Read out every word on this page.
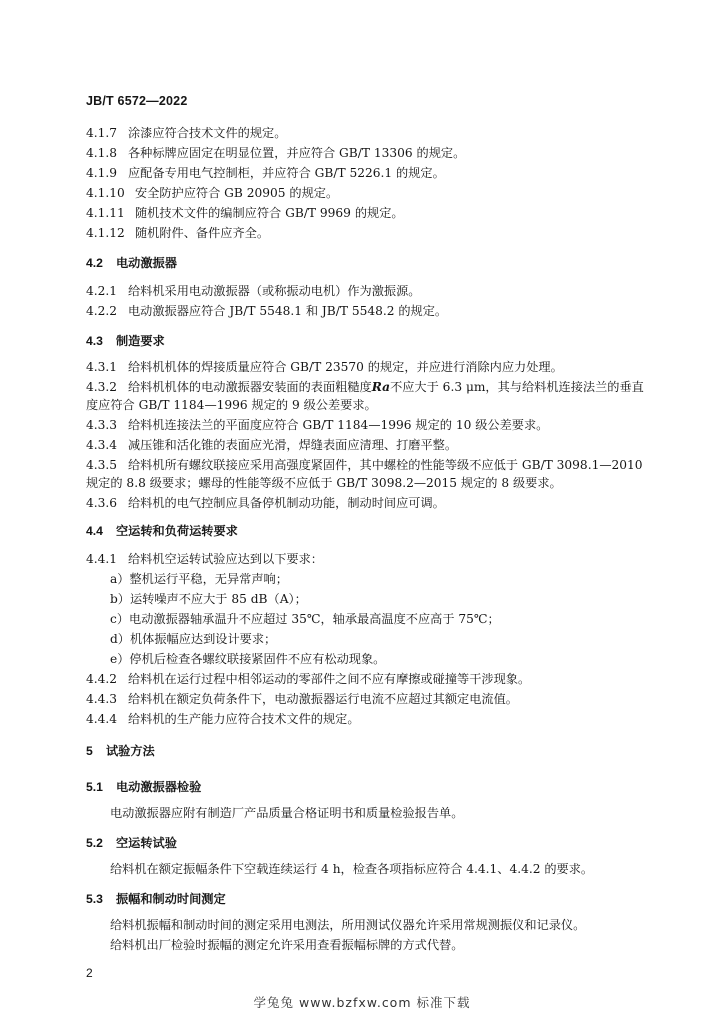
JB/T 6572—2022
4.1.7 涂漆应符合技术文件的规定。
4.1.8 各种标牌应固定在明显位置，并应符合 GB/T 13306 的规定。
4.1.9 应配备专用电气控制柜，并应符合 GB/T 5226.1 的规定。
4.1.10 安全防护应符合 GB 20905 的规定。
4.1.11 随机技术文件的编制应符合 GB/T 9969 的规定。
4.1.12 随机附件、备件应齐全。
4.2 电动激振器
4.2.1 给料机采用电动激振器（或称振动电机）作为激振源。
4.2.2 电动激振器应符合 JB/T 5548.1 和 JB/T 5548.2 的规定。
4.3 制造要求
4.3.1 给料机机体的焊接质量应符合 GB/T 23570 的规定，并应进行消除内应力处理。
4.3.2 给料机机体的电动激振器安装面的表面粗糙度Ra不应大于 6.3 μm，其与给料机连接法兰的垂直
度应符合 GB/T 1184—1996 规定的 9 级公差要求。
4.3.3 给料机连接法兰的平面度应符合 GB/T 1184—1996 规定的 10 级公差要求。
4.3.4 减压锥和活化锥的表面应光滑，焊缝表面应清理、打磨平整。
4.3.5 给料机所有螺纹联接应采用高强度紧固件，其中螺栓的性能等级不应低于 GB/T 3098.1—2010
规定的 8.8 级要求；螺母的性能等级不应低于 GB/T 3098.2—2015 规定的 8 级要求。
4.3.6 给料机的电气控制应具备停机制动功能，制动时间应可调。
4.4 空运转和负荷运转要求
4.4.1 给料机空运转试验应达到以下要求：
a）整机运行平稳，无异常声响；
b）运转噪声不应大于 85 dB（A）；
c）电动激振器轴承温升不应超过 35℃，轴承最高温度不应高于 75℃；
d）机体振幅应达到设计要求；
e）停机后检查各螺纹联接紧固件不应有松动现象。
4.4.2 给料机在运行过程中相邻运动的零部件之间不应有摩擦或碰撞等干涉现象。
4.4.3 给料机在额定负荷条件下，电动激振器运行电流不应超过其额定电流值。
4.4.4 给料机的生产能力应符合技术文件的规定。
5 试验方法
5.1 电动激振器检验
电动激振器应附有制造厂产品质量合格证明书和质量检验报告单。
5.2 空运转试验
给料机在额定振幅条件下空载连续运行 4 h，检查各项指标应符合 4.4.1、4.4.2 的要求。
5.3 振幅和制动时间测定
给料机振幅和制动时间的测定采用电测法，所用测试仪器允许采用常规测振仪和记录仪。
给料机出厂检验时振幅的测定允许采用查看振幅标牌的方式代替。
2
学兔兔 www.bzfxw.com 标准下载
